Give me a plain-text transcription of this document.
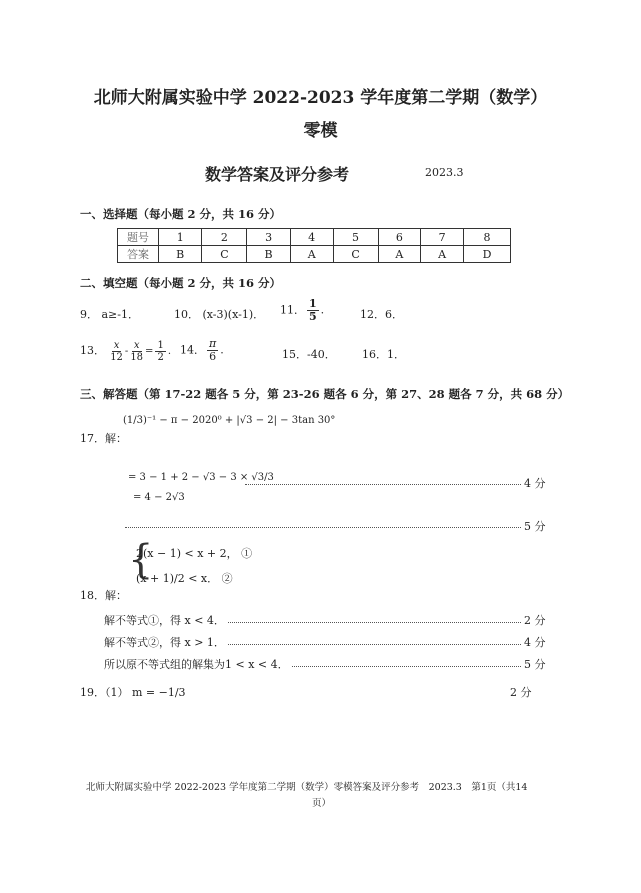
北师大附属实验中学 2022-2023 学年度第二学期（数学）
零模
数学答案及评分参考	2023.3
一、选择题（每小题 2 分，共 16 分）
题号	1	2	3	4	5	6	7	8
答案	B	C	B	A	C	A	A	D
二、填空题（每小题 2 分，共 16 分）
9． a≥-1．	10． (x-3)(x-1)． 11． $\frac{1}{5}$ .	12．6．
13． $\frac{x}{12} - \frac{x}{18} = \frac{1}{2}$ . 14． $\frac{\pi}{6}$ .	15．-40． 16．1．
三、解答题（第 17-22 题各 5 分，第 23-26 题各 6 分，第 27、28 题各 7 分，共 68 分）
17．解：
(1/3)⁻¹ − π − 2020⁰ + |√3 − 2| − 3tan 30°
= 3 − 1 + 2 − √3 − 3 × √3/3	4 分
= 4 − 2√3
5 分
{
2(x − 1) < x + 2， ①
(x + 1)/2 < x． ②
18．解：
解不等式①，得 x < 4．	2 分
解不等式②，得 x > 1．	4 分
所以原不等式组的解集为1 < x < 4．	5 分
19．（1） m = −1/3	2 分
北师大附属实验中学 2022-2023 学年度第二学期（数学）零模答案及评分参考　2023.3　第1页（共14
页）
